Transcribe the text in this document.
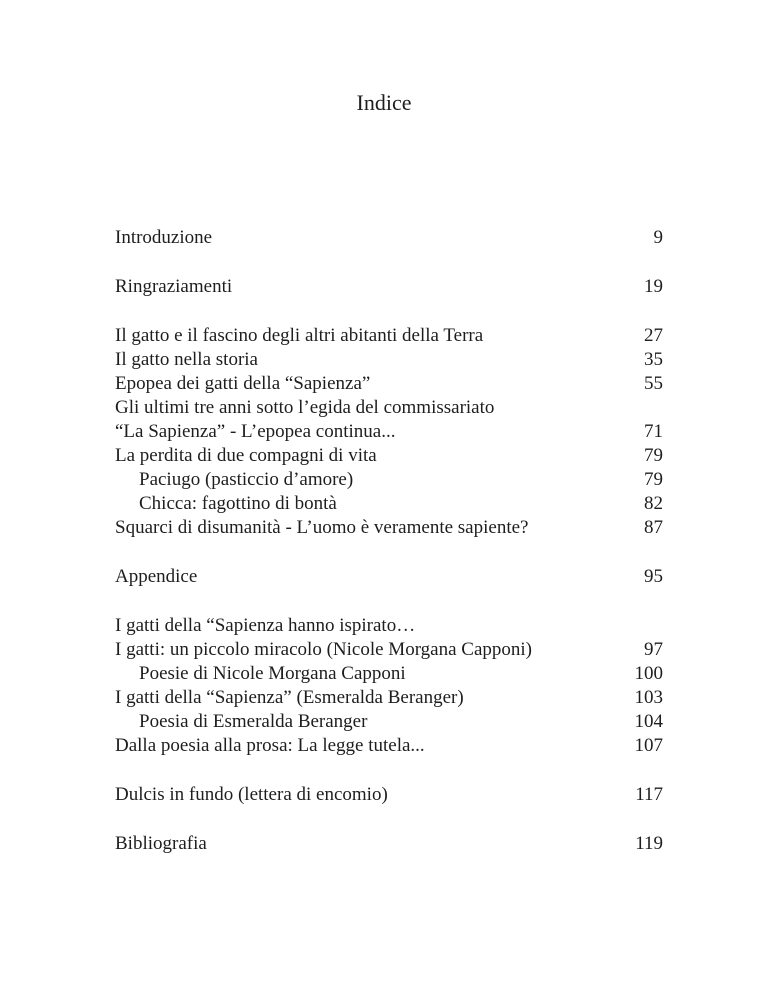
Indice
Introduzione	9
Ringraziamenti	19
Il gatto e il fascino degli altri abitanti della Terra	27
Il gatto nella storia	35
Epopea dei gatti della “Sapienza”	55
Gli ultimi tre anni sotto l’egida del commissariato
“La Sapienza” - L’epopea continua...	71
La perdita di due compagni di vita	79
Paciugo (pasticcio d’amore)	79
Chicca: fagottino di bontà	82
Squarci di disumanità - L’uomo è veramente sapiente?	87
Appendice	95
I gatti della “Sapienza hanno ispirato…
I gatti: un piccolo miracolo (Nicole Morgana Capponi)	97
Poesie di Nicole Morgana Capponi	100
I gatti della “Sapienza” (Esmeralda Beranger)	103
Poesia di Esmeralda Beranger	104
Dalla poesia alla prosa: La legge tutela...	107
Dulcis in fundo (lettera di encomio)	117
Bibliografia	119
